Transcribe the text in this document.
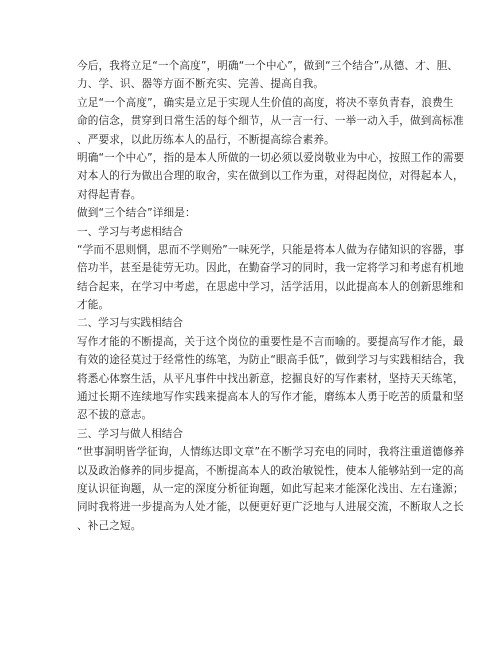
今后，我将立足“一个高度”，明确“一个中心”，做到“三个结合”,从德、才、胆、
力、学、识、器等方面不断充实、完善、提高自我。
立足“一个高度”，确实是立足于实现人生价值的高度，将决不辜负青春，浪费生
命的信念，贯穿到日常生活的每个细节，从一言一行、一举一动入手，做到高标准
、严要求，以此历练本人的品行，不断提高综合素养。
明确“一个中心”，指的是本人所做的一切必须以爱岗敬业为中心，按照工作的需要
对本人的行为做出合理的取舍，实在做到以工作为重，对得起岗位，对得起本人，
对得起青春。
做到“三个结合”详细是：
一、学习与考虑相结合
“学而不思则惘，思而不学则殆”一味死学，只能是将本人做为存储知识的容器，事
倍功半，甚至是徒劳无功。因此，在勤奋学习的同时，我一定将学习和考虑有机地
结合起来，在学习中考虑，在思虑中学习，活学活用，以此提高本人的创新思维和
才能。
二、学习与实践相结合
写作才能的不断提高，关于这个岗位的重要性是不言而喻的。要提高写作才能，最
有效的途径莫过于经常性的练笔，为防止“眼高手低”，做到学习与实践相结合，我
将悉心体察生活，从平凡事件中找出新意，挖掘良好的写作素材，坚持天天练笔，
通过长期不连续地写作实践来提高本人的写作才能，磨练本人勇于吃苦的质量和坚
忍不拔的意志。
三、学习与做人相结合
“世事洞明皆学征询，人情练达即文章”在不断学习充电的同时，我将注重道德修养
以及政治修养的同步提高，不断提高本人的政治敏锐性，使本人能够站到一定的高
度认识征询题，从一定的深度分析征询题，如此写起来才能深化浅出、左右逢源；
同时我将进一步提高为人处才能，以便更好更广泛地与人进展交流，不断取人之长
、补己之短。
